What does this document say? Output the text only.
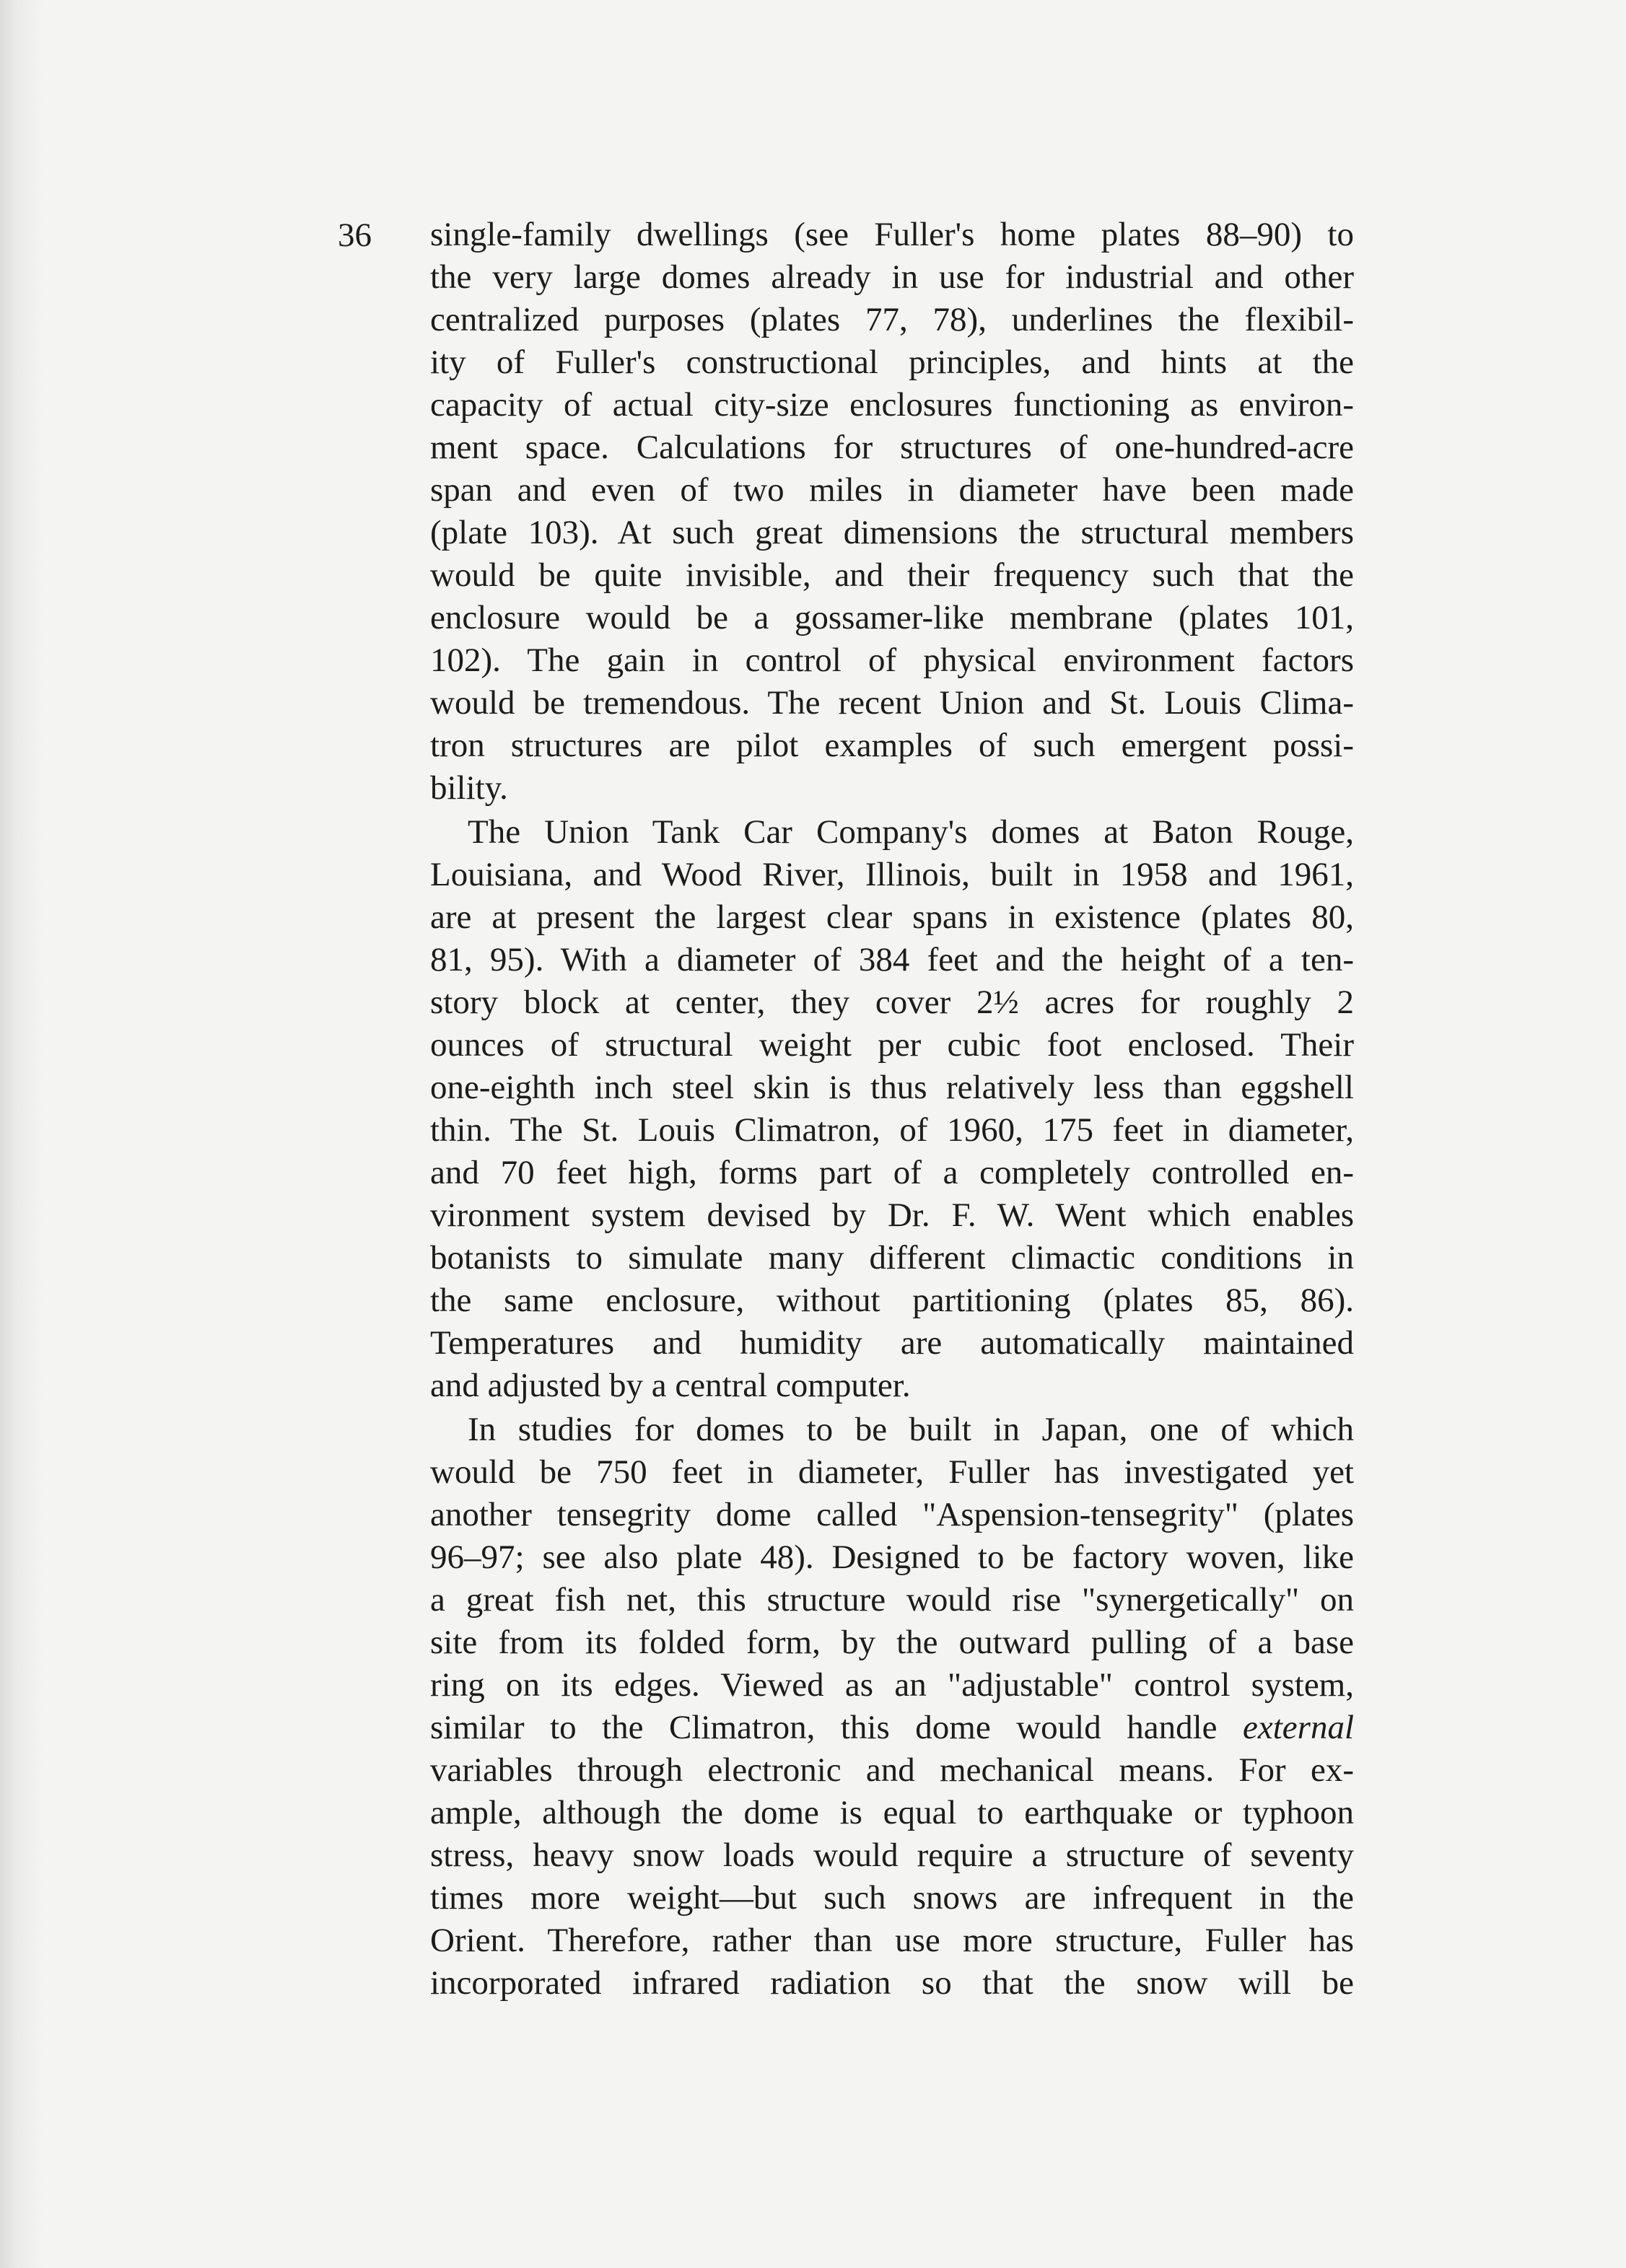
36 single-family dwellings (see Fuller's home plates 88–90) to
the very large domes already in use for industrial and other
centralized purposes (plates 77, 78), underlines the flexibil-
ity of Fuller's constructional principles, and hints at the
capacity of actual city-size enclosures functioning as environ-
ment space. Calculations for structures of one-hundred-acre
span and even of two miles in diameter have been made
(plate 103). At such great dimensions the structural members
would be quite invisible, and their frequency such that the
enclosure would be a gossamer-like membrane (plates 101,
102). The gain in control of physical environment factors
would be tremendous. The recent Union and St. Louis Clima-
tron structures are pilot examples of such emergent possi-
bility.
The Union Tank Car Company's domes at Baton Rouge,
Louisiana, and Wood River, Illinois, built in 1958 and 1961,
are at present the largest clear spans in existence (plates 80,
81, 95). With a diameter of 384 feet and the height of a ten-
story block at center, they cover 2½ acres for roughly 2
ounces of structural weight per cubic foot enclosed. Their
one-eighth inch steel skin is thus relatively less than eggshell
thin. The St. Louis Climatron, of 1960, 175 feet in diameter,
and 70 feet high, forms part of a completely controlled en-
vironment system devised by Dr. F. W. Went which enables
botanists to simulate many different climactic conditions in
the same enclosure, without partitioning (plates 85, 86).
Temperatures and humidity are automatically maintained
and adjusted by a central computer.
In studies for domes to be built in Japan, one of which
would be 750 feet in diameter, Fuller has investigated yet
another tensegrity dome called "Aspension-tensegrity" (plates
96–97; see also plate 48). Designed to be factory woven, like
a great fish net, this structure would rise "synergetically" on
site from its folded form, by the outward pulling of a base
ring on its edges. Viewed as an "adjustable" control system,
similar to the Climatron, this dome would handle external
variables through electronic and mechanical means. For ex-
ample, although the dome is equal to earthquake or typhoon
stress, heavy snow loads would require a structure of seventy
times more weight—but such snows are infrequent in the
Orient. Therefore, rather than use more structure, Fuller has
incorporated infrared radiation so that the snow will be
